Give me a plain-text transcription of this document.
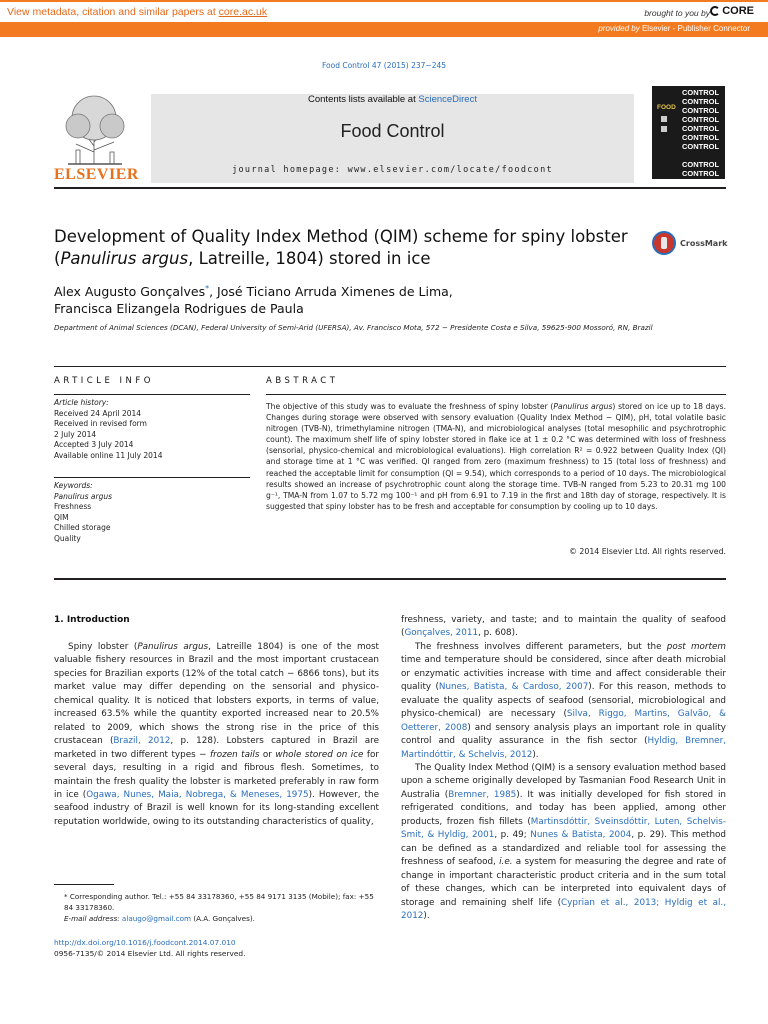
View metadata, citation and similar papers at core.ac.uk	brought to you by CORE
provided by Elsevier - Publisher Connector
Food Control 47 (2015) 237−245
ELSEVIER
Contents lists available at ScienceDirect
Food Control
journal homepage: www.elsevier.com/locate/foodcont
CONTROL
CONTROL
FOOD CONTROL
CONTROL
CONTROL
CONTROL
CONTROL
CONTROL
CONTROL
Development of Quality Index Method (QIM) scheme for spiny lobster (Panulirus argus, Latreille, 1804) stored in ice
CrossMark
Alex Augusto Gonçalves*, José Ticiano Arruda Ximenes de Lima,
Francisca Elizangela Rodrigues de Paula
Department of Animal Sciences (DCAN), Federal University of Semi-Arid (UFERSA), Av. Francisco Mota, 572 − Presidente Costa e Silva, 59625-900 Mossoró, RN, Brazil
ARTICLE INFO
Article history:
Received 24 April 2014
Received in revised form
2 July 2014
Accepted 3 July 2014
Available online 11 July 2014
Keywords:
Panulirus argus
Freshness
QIM
Chilled storage
Quality
ABSTRACT
The objective of this study was to evaluate the freshness of spiny lobster (Panulirus argus) stored on ice up to 18 days. Changes during storage were observed with sensory evaluation (Quality Index Method − QIM), pH, total volatile basic nitrogen (TVB-N), trimethylamine nitrogen (TMA-N), and microbiological analyses (total mesophilic and psychrotrophic count). The maximum shelf life of spiny lobster stored in flake ice at 1 ± 0.2 °C was determined with loss of freshness (sensorial, physico-chemical and microbiological evaluations). High correlation R² = 0.922 between Quality Index (QI) and storage time at 1 °C was verified. QI ranged from zero (maximum freshness) to 15 (total loss of freshness) and reached the acceptable limit for consumption (QI = 9.54), which corresponds to a period of 10 days. The microbiological results showed an increase of psychrotrophic count along the storage time. TVB-N ranged from 5.23 to 20.31 mg 100 g⁻¹, TMA-N from 1.07 to 5.72 mg 100⁻¹ and pH from 6.91 to 7.19 in the first and 18th day of storage, respectively. It is suggested that spiny lobster has to be fresh and acceptable for consumption by cooling up to 10 days.
© 2014 Elsevier Ltd. All rights reserved.
1. Introduction

Spiny lobster (Panulirus argus, Latreille 1804) is one of the most valuable fishery resources in Brazil and the most important crustacean species for Brazilian exports (12% of the total catch − 6866 tons), but its market value may differ depending on the sensorial and physico-chemical quality. It is noticed that lobsters exports, in terms of value, increased 63.5% while the quantity exported increased near to 20.5% related to 2009, which shows the strong rise in the price of this crustacean (Brazil, 2012, p. 128). Lobsters captured in Brazil are marketed in two different types − frozen tails or whole stored on ice for several days, resulting in a rigid and fibrous flesh. Sometimes, to maintain the fresh quality the lobster is marketed preferably in raw form in ice (Ogawa, Nunes, Maia, Nobrega, & Meneses, 1975). However, the seafood industry of Brazil is well known for its long-standing excellent reputation worldwide, owing to its outstanding characteristics of quality,

* Corresponding author. Tel.: +55 84 33178360, +55 84 9171 3135 (Mobile); fax: +55 84 33178360.
E-mail address: alaugo@gmail.com (A.A. Gonçalves).
http://dx.doi.org/10.1016/j.foodcont.2014.07.010
0956-7135/© 2014 Elsevier Ltd. All rights reserved.

freshness, variety, and taste; and to maintain the quality of seafood (Gonçalves, 2011, p. 608).

The freshness involves different parameters, but the post mortem time and temperature should be considered, since after death microbial or enzymatic activities increase with time and affect considerable their quality (Nunes, Batista, & Cardoso, 2007). For this reason, methods to evaluate the quality aspects of seafood (sensorial, microbiological and physico-chemical) are necessary (Silva, Riggo, Martins, Galvão, & Oetterer, 2008) and sensory analysis plays an important role in quality control and quality assurance in the fish sector (Hyldig, Bremner, Martindóttir, & Schelvis, 2012).

The Quality Index Method (QIM) is a sensory evaluation method based upon a scheme originally developed by Tasmanian Food Research Unit in Australia (Bremner, 1985). It was initially developed for fish stored in refrigerated conditions, and today has been applied, among other products, frozen fish fillets (Martinsdóttir, Sveinsdóttir, Luten, Schelvis-Smit, & Hyldig, 2001, p. 49; Nunes & Batista, 2004, p. 29). This method can be defined as a standardized and reliable tool for assessing the freshness of seafood, i.e. a system for measuring the degree and rate of change in important characteristic product criteria and in the sum total of these changes, which can be interpreted into equivalent days of storage and remaining shelf life (Cyprian et al., 2013; Hyldig et al., 2012).
